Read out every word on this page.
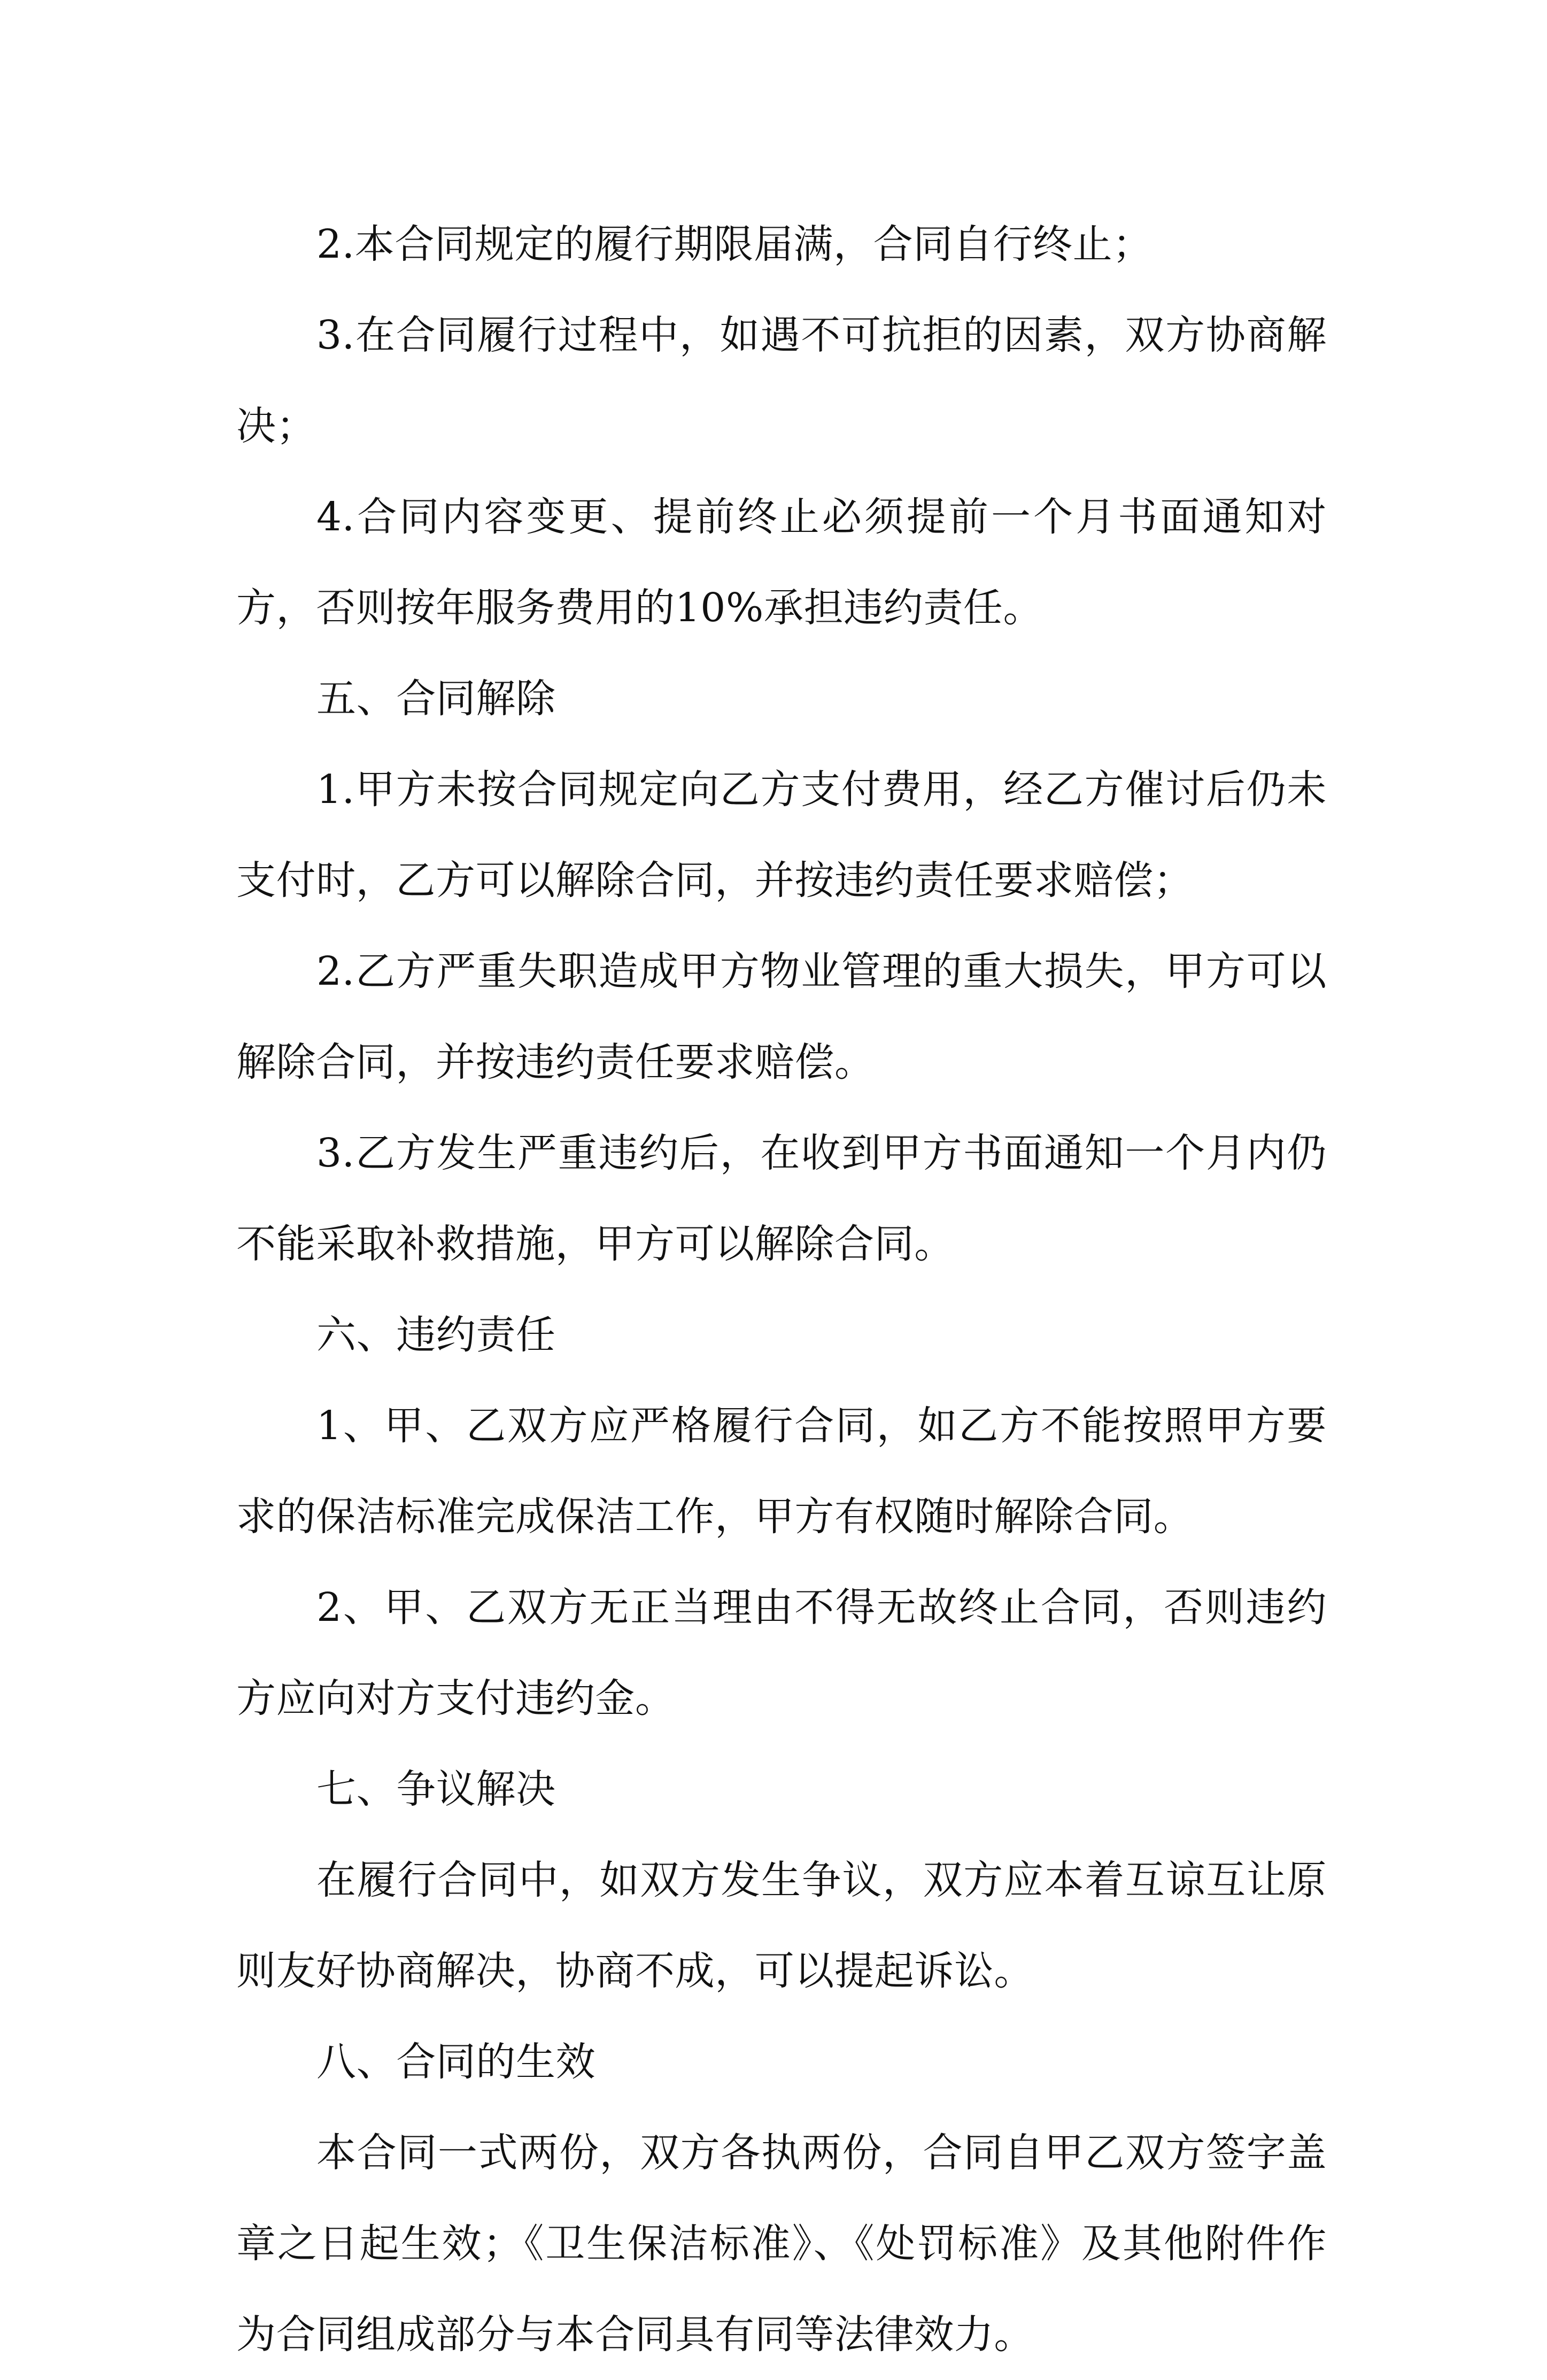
2.本合同规定的履行期限届满，合同自行终止；

3.在合同履行过程中，如遇不可抗拒的因素，双方协商解决；

4.合同内容变更、提前终止必须提前一个月书面通知对方，否则按年服务费用的10%承担违约责任。

五、合同解除

1.甲方未按合同规定向乙方支付费用，经乙方催讨后仍未支付时，乙方可以解除合同，并按违约责任要求赔偿；

2.乙方严重失职造成甲方物业管理的重大损失，甲方可以解除合同，并按违约责任要求赔偿。

3.乙方发生严重违约后，在收到甲方书面通知一个月内仍不能采取补救措施，甲方可以解除合同。

六、违约责任

1、甲、乙双方应严格履行合同，如乙方不能按照甲方要求的保洁标准完成保洁工作，甲方有权随时解除合同。

2、甲、乙双方无正当理由不得无故终止合同，否则违约方应向对方支付违约金。

七、争议解决

在履行合同中，如双方发生争议，双方应本着互谅互让原则友好协商解决，协商不成，可以提起诉讼。

八、合同的生效

本合同一式两份，双方各执两份，合同自甲乙双方签字盖章之日起生效；《卫生保洁标准》、《处罚标准》及其他附件作为合同组成部分与本合同具有同等法律效力。
